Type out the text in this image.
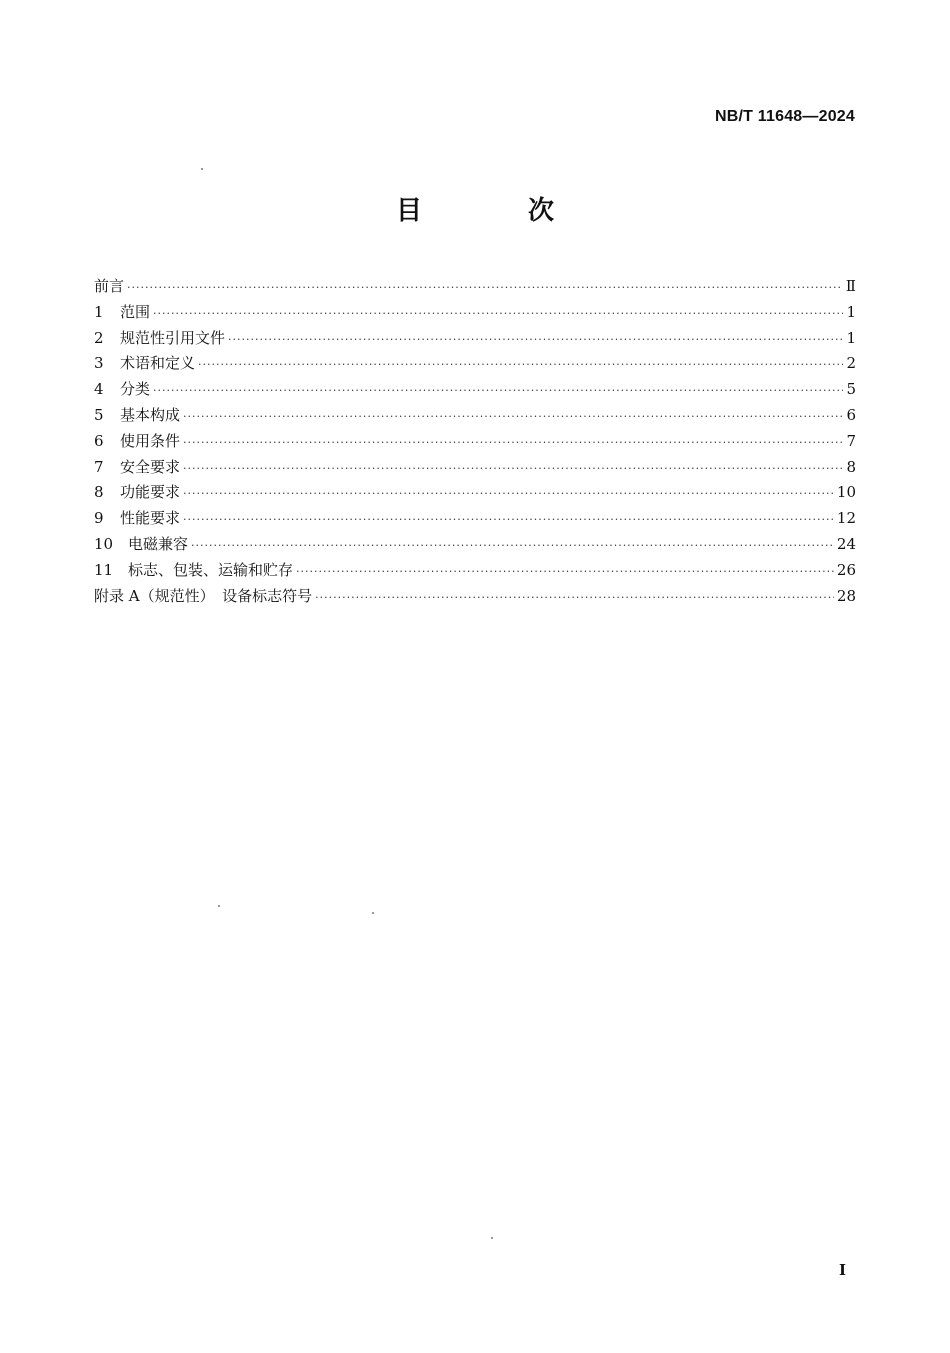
NB/T 11648—2024
目　次
前言 ·····	Ⅱ
1	范围 ·····	1
2	规范性引用文件 ·····	1
3	术语和定义 ·····	2
4	分类 ·····	5
5	基本构成 ·····	6
6	使用条件 ·····	7
7	安全要求 ·····	8
8	功能要求 ·····	10
9	性能要求 ·····	12
10 电磁兼容 ·····	24
11 标志、包装、运输和贮存 ·····	26
附录 A（规范性）　设备标志符号 ·····	28
I
